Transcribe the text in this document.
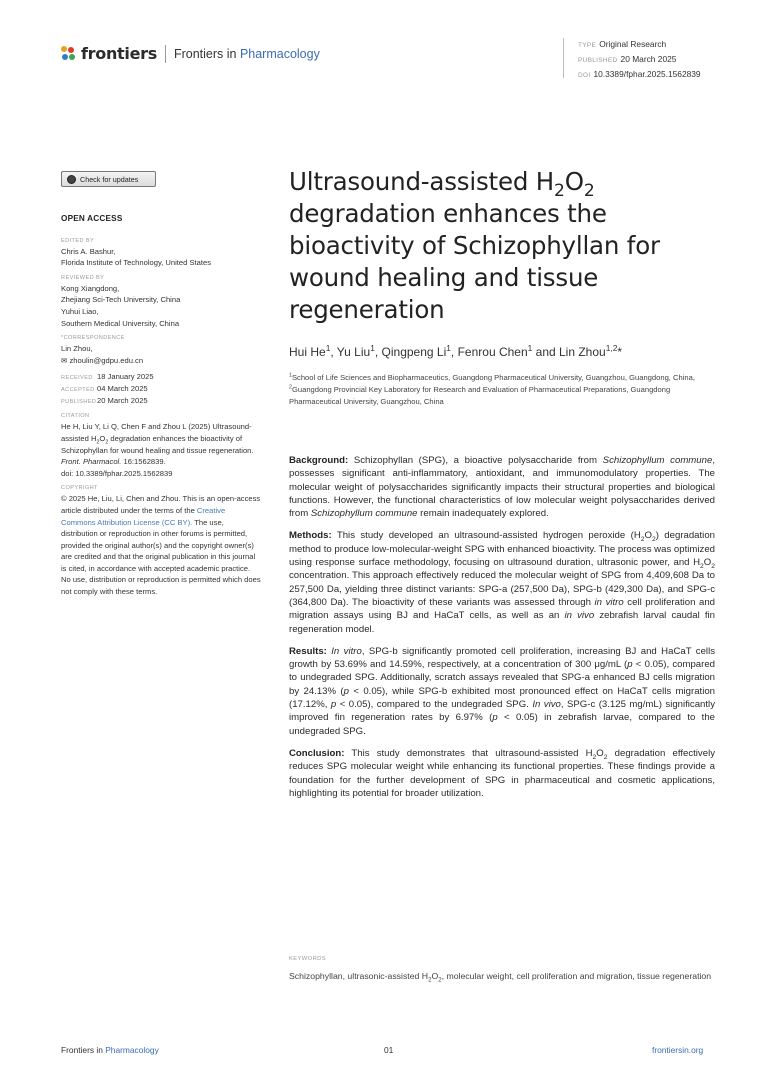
frontiers Frontiers in Pharmacology
TYPE Original Research
PUBLISHED 20 March 2025
DOI 10.3389/fphar.2025.1562839
Check for updates
OPEN ACCESS
EDITED BY
Chris A. Bashur,
Florida Institute of Technology, United States
REVIEWED BY
Kong Xiangdong,
Zhejiang Sci-Tech University, China
Yuhui Liao,
Southern Medical University, China
*CORRESPONDENCE
Lin Zhou,
✉ zhoulin@gdpu.edu.cn
RECEIVED 18 January 2025
ACCEPTED 04 March 2025
PUBLISHED20 March 2025
CITATION
He H, Liu Y, Li Q, Chen F and Zhou L (2025) Ultrasound-assisted $H_2O_2$ degradation enhances the bioactivity of Schizophyllan for wound healing and tissue regeneration. Front. Pharmacol. 16:1562839.
doi: 10.3389/fphar.2025.1562839
COPYRIGHT
© 2025 He, Liu, Li, Chen and Zhou. This is an open-access article distributed under the terms of the Creative Commons Attribution License (CC BY). The use, distribution or reproduction in other forums is permitted, provided the original author(s) and the copyright owner(s) are credited and that the original publication in this journal is cited, in accordance with accepted academic practice. No use, distribution or reproduction is permitted which does not comply with these terms.
Ultrasound-assisted $H_2O_2$ degradation enhances the bioactivity of Schizophyllan for wound healing and tissue regeneration
Hui He$^1$, Yu Liu$^1$, Qingpeng Li$^1$, Fenrou Chen$^1$ and Lin Zhou$^{1,2}$*
$^1$School of Life Sciences and Biopharmaceutics, Guangdong Pharmaceutical University, Guangzhou, Guangdong, China, $^2$Guangdong Provincial Key Laboratory for Research and Evaluation of Pharmaceutical Preparations, Guangdong Pharmaceutical University, Guangzhou, China

Background: Schizophyllan (SPG), a bioactive polysaccharide from Schizophyllum commune, possesses significant anti-inflammatory, antioxidant, and immunomodulatory properties. The molecular weight of polysaccharides significantly impacts their structural properties and biological functions. However, the functional characteristics of low molecular weight polysaccharides derived from Schizophyllum commune remain inadequately explored.

Methods: This study developed an ultrasound-assisted hydrogen peroxide $(H_2O_2)$ degradation method to produce low-molecular-weight SPG with enhanced bioactivity. The process was optimized using response surface methodology, focusing on ultrasound duration, ultrasonic power, and $H_2O_2$ concentration. This approach effectively reduced the molecular weight of SPG from 4,409,608 Da to 257,500 Da, yielding three distinct variants: SPG-a (257,500 Da), SPG-b (429,300 Da), and SPG-c (364,800 Da). The bioactivity of these variants was assessed through in vitro cell proliferation and migration assays using BJ and HaCaT cells, as well as an in vivo zebrafish larval caudal fin regeneration model.

Results: In vitro, SPG-b significantly promoted cell proliferation, increasing BJ and HaCaT cells growth by 53.69% and 14.59%, respectively, at a concentration of 300 μg/mL (p < 0.05), compared to undegraded SPG. Additionally, scratch assays revealed that SPG-a enhanced BJ cells migration by 24.13% (p < 0.05), while SPG-b exhibited most pronounced effect on HaCaT cells migration (17.12%, p < 0.05), compared to the undegraded SPG. In vivo, SPG-c (3.125 mg/mL) significantly improved fin regeneration rates by 6.97% (p < 0.05) in zebrafish larvae, compared to the undegraded SPG.

Conclusion: This study demonstrates that ultrasound-assisted $H_2O_2$ degradation effectively reduces SPG molecular weight while enhancing its functional properties. These findings provide a foundation for the further development of SPG in pharmaceutical and cosmetic applications, highlighting its potential for broader utilization.

KEYWORDS
Schizophyllan, ultrasonic-assisted $H_2O_2$, molecular weight, cell proliferation and migration, tissue regeneration
Frontiers in Pharmacology	01	frontiersin.org
